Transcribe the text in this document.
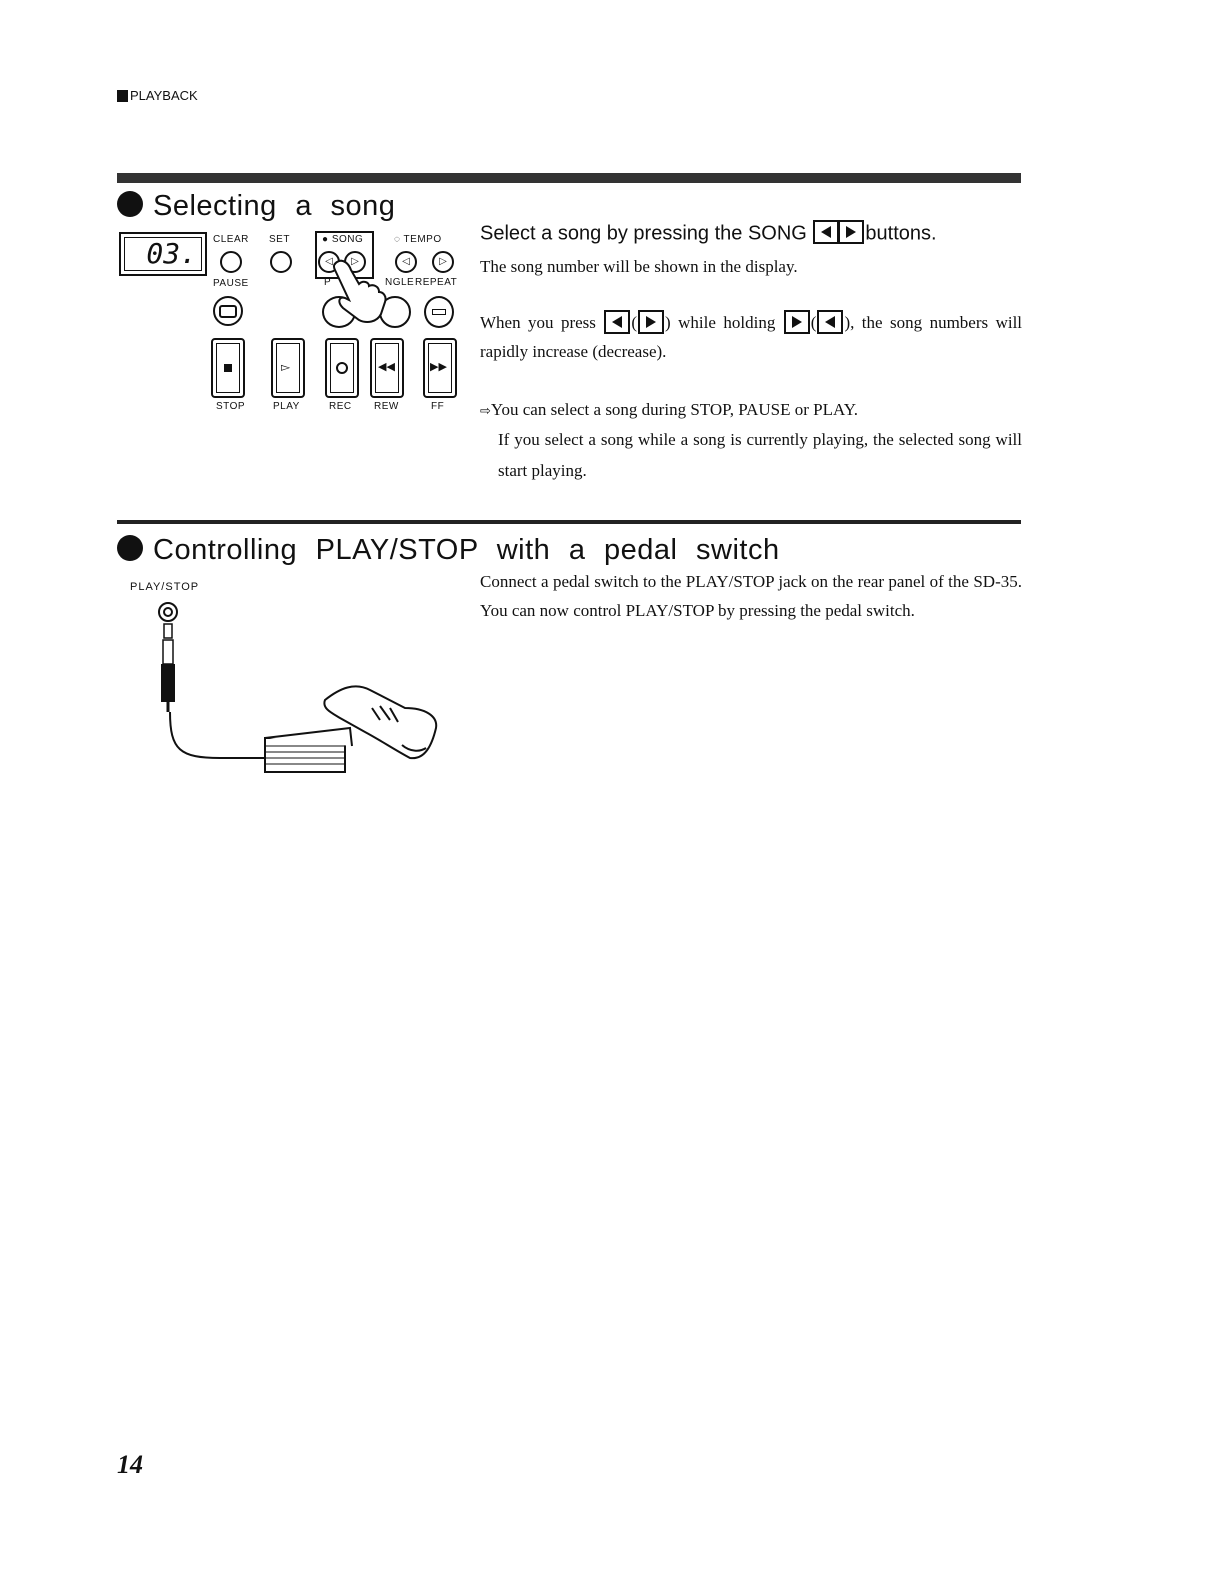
PLAYBACK
Selecting a song
03. CLEAR SET
PAUSE
● SONG	◌ TEMPO
◁	▷	◁	▷
P	NGLE REPEAT
▻	◀◀	▶▶
STOP	PLAY	REC REW	FF
Select a song by pressing the SONG	buttons.
The song number will be shown in the display.
When you press ( ) while holding ( ), the song numbers will rapidly increase (decrease).
⇨You can select a song during STOP, PAUSE or PLAY.
If you select a song while a song is currently playing, the selected song will start playing.
Controlling PLAY/STOP with a pedal switch
Connect a pedal switch to the PLAY/STOP jack on the rear panel of the SD-35. You can now control PLAY/STOP by pressing the pedal switch.
PLAY/STOP
14
